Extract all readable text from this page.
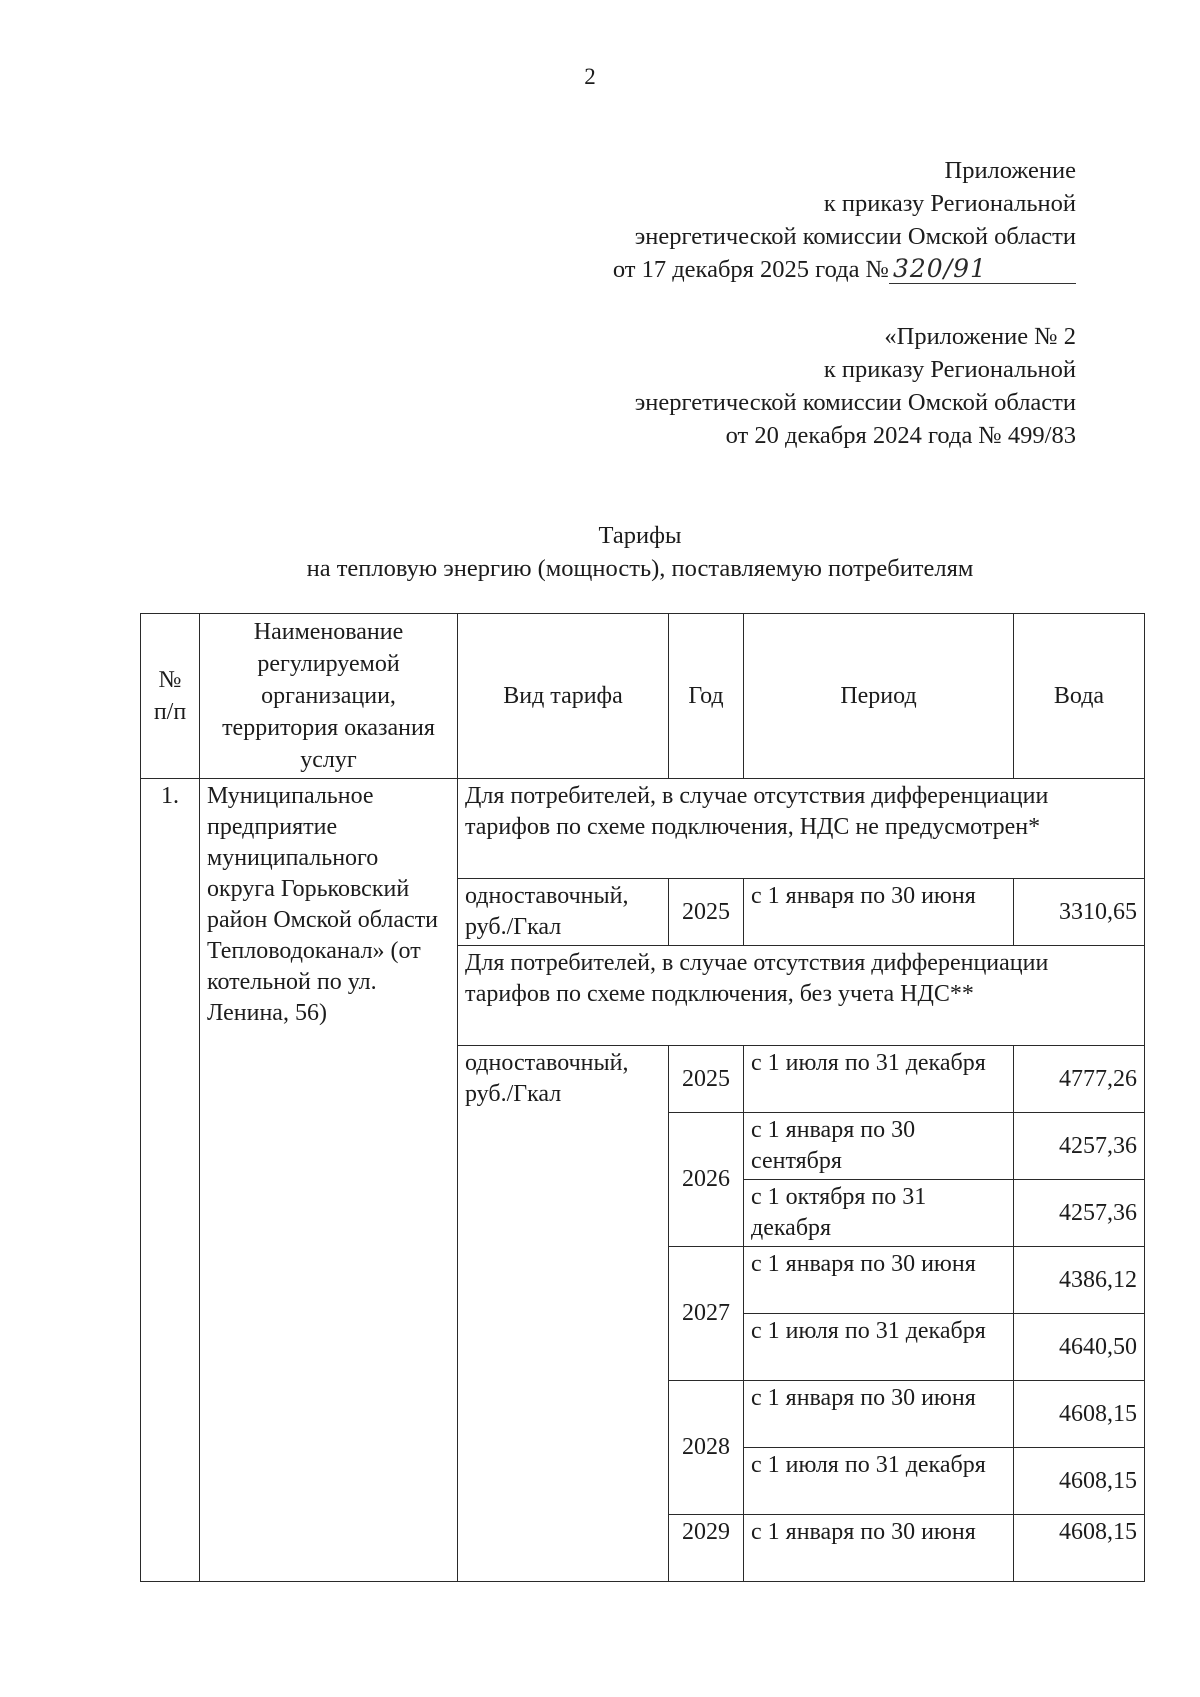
2
Приложение
к приказу Региональной
энергетической комиссии Омской области
от 17 декабря 2025 года № 320/91
«Приложение № 2
к приказу Региональной
энергетической комиссии Омской области
от 20 декабря 2024 года № 499/83
Тарифы
на тепловую энергию (мощность), поставляемую потребителям
№ п/п	Наименование регулируемой организации, территория оказания услуг	Вид тарифа	Год	Период	Вода
1.	Муниципальное предприятие муниципального округа Горьковский район Омской области Тепловодоканал» (от котельной по ул. Ленина, 56)	Для потребителей, в случае отсутствия дифференциации тарифов по схеме подключения, НДС не предусмотрен*			
		одноставочный, руб./Гкал	2025	с 1 января по 30 июня	3310,65
		Для потребителей, в случае отсутствия дифференциации тарифов по схеме подключения, без учета НДС**			
		одноставочный, руб./Гкал	2025	с 1 июля по 31 декабря	4777,26
			2026	с 1 января по 30 сентября	4257,36
				с 1 октября по 31 декабря	4257,36
			2027	с 1 января по 30 июня	4386,12
				с 1 июля по 31 декабря	4640,50
			2028	с 1 января по 30 июня	4608,15
				с 1 июля по 31 декабря	4608,15
			2029	с 1 января по 30 июня	4608,15
